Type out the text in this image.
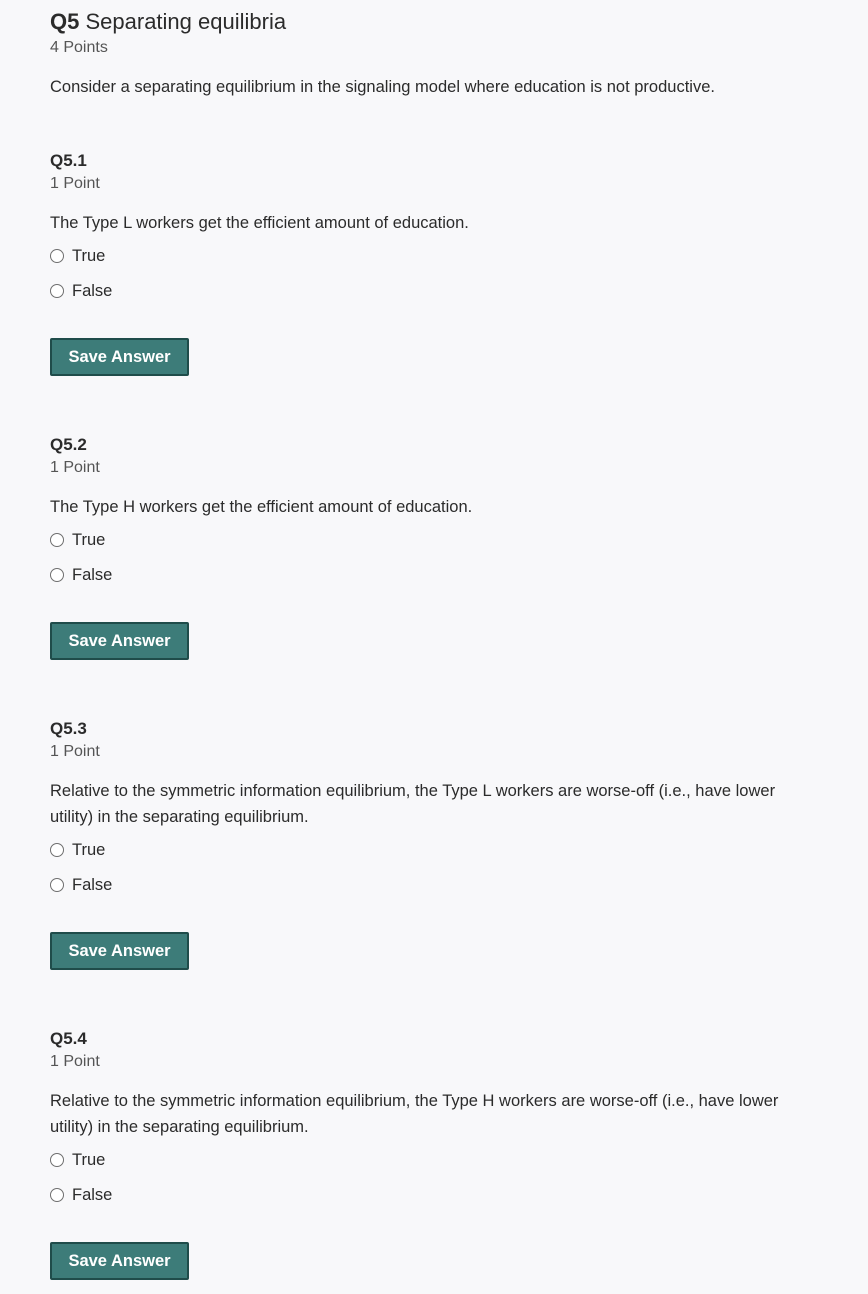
Q5 Separating equilibria
4 Points
Consider a separating equilibrium in the signaling model where education is not productive.
Q5.1
1 Point
The Type L workers get the efficient amount of education.
True
False
Save Answer
Q5.2
1 Point
The Type H workers get the efficient amount of education.
True
False
Save Answer
Q5.3
1 Point
Relative to the symmetric information equilibrium, the Type L workers are worse-off (i.e., have lower utility) in the separating equilibrium.
True
False
Save Answer
Q5.4
1 Point
Relative to the symmetric information equilibrium, the Type H workers are worse-off (i.e., have lower utility) in the separating equilibrium.
True
False
Save Answer
